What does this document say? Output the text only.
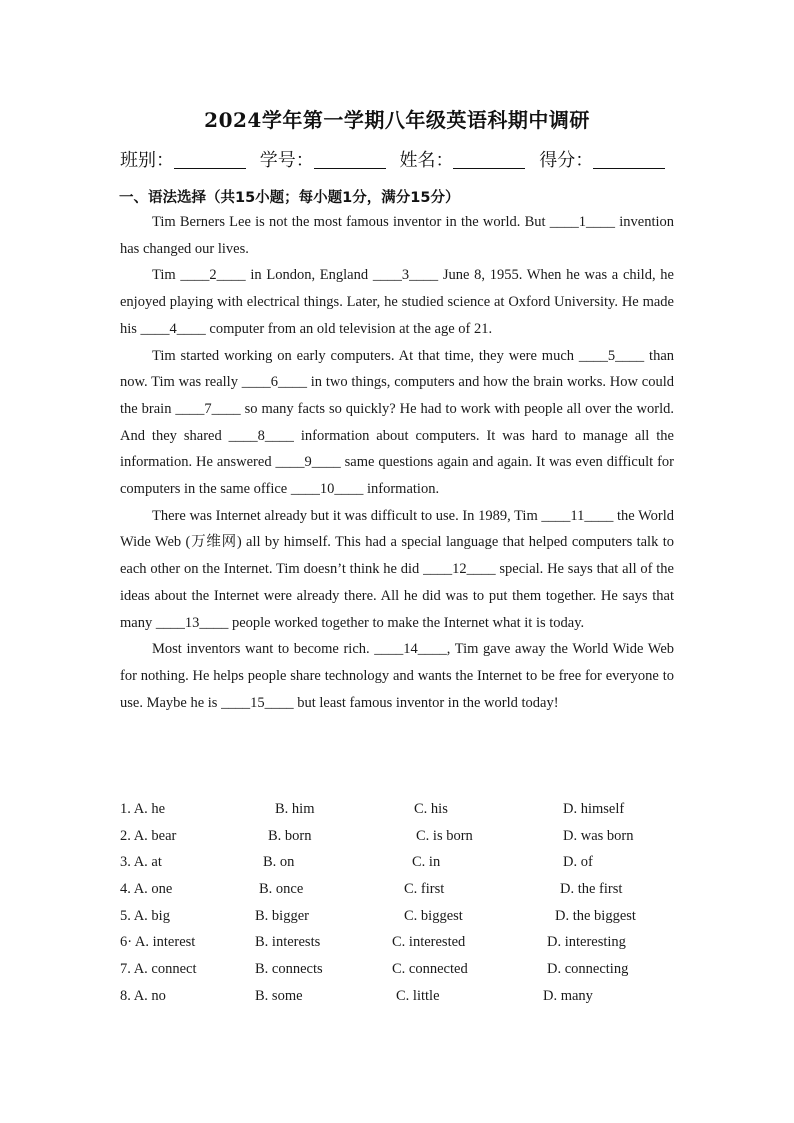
2024学年第一学期八年级英语科期中调研
班别：	学号：	姓名：	得分：
一、语法选择（共15小题；每小题1分，满分15分）

Tim Berners Lee is not the most famous inventor in the world. But ____1____ invention has changed our lives.

Tim ____2____ in London, England ____3____ June 8, 1955. When he was a child, he enjoyed playing with electrical things. Later, he studied science at Oxford University. He made his ____4____ computer from an old television at the age of 21.

Tim started working on early computers. At that time, they were much ____5____ than now. Tim was really ____6____ in two things, computers and how the brain works. How could the brain ____7____ so many facts so quickly? He had to work with people all over the world. And they shared ____8____ information about computers. It was hard to manage all the information. He answered ____9____ same questions again and again. It was even difficult for computers in the same office ____10____ information.

There was Internet already but it was difficult to use. In 1989, Tim ____11____ the World Wide Web (万维网) all by himself. This had a special language that helped computers talk to each other on the Internet. Tim doesn’t think he did ____12____ special. He says that all of the ideas about the Internet were already there. All he did was to put them together. He says that many ____13____ people worked together to make the Internet what it is today.

Most inventors want to become rich. ____14____, Tim gave away the World Wide Web for nothing. He helps people share technology and wants the Internet to be free for everyone to use. Maybe he is ____15____ but least famous inventor in the world today!

1. A. he	B. him	C. his	D. himself
2. A. bear	B. born	C. is born	D. was born
3. A. at	B. on	C. in	D. of
4. A. one	B. once	C. first	D. the first
5. A. big	B. bigger	C. biggest	D. the biggest
6· A. interest	B. interests	C. interested	D. interesting
7. A. connect	B. connects	C. connected	D. connecting
8. A. no	B. some	C. little	D. many
